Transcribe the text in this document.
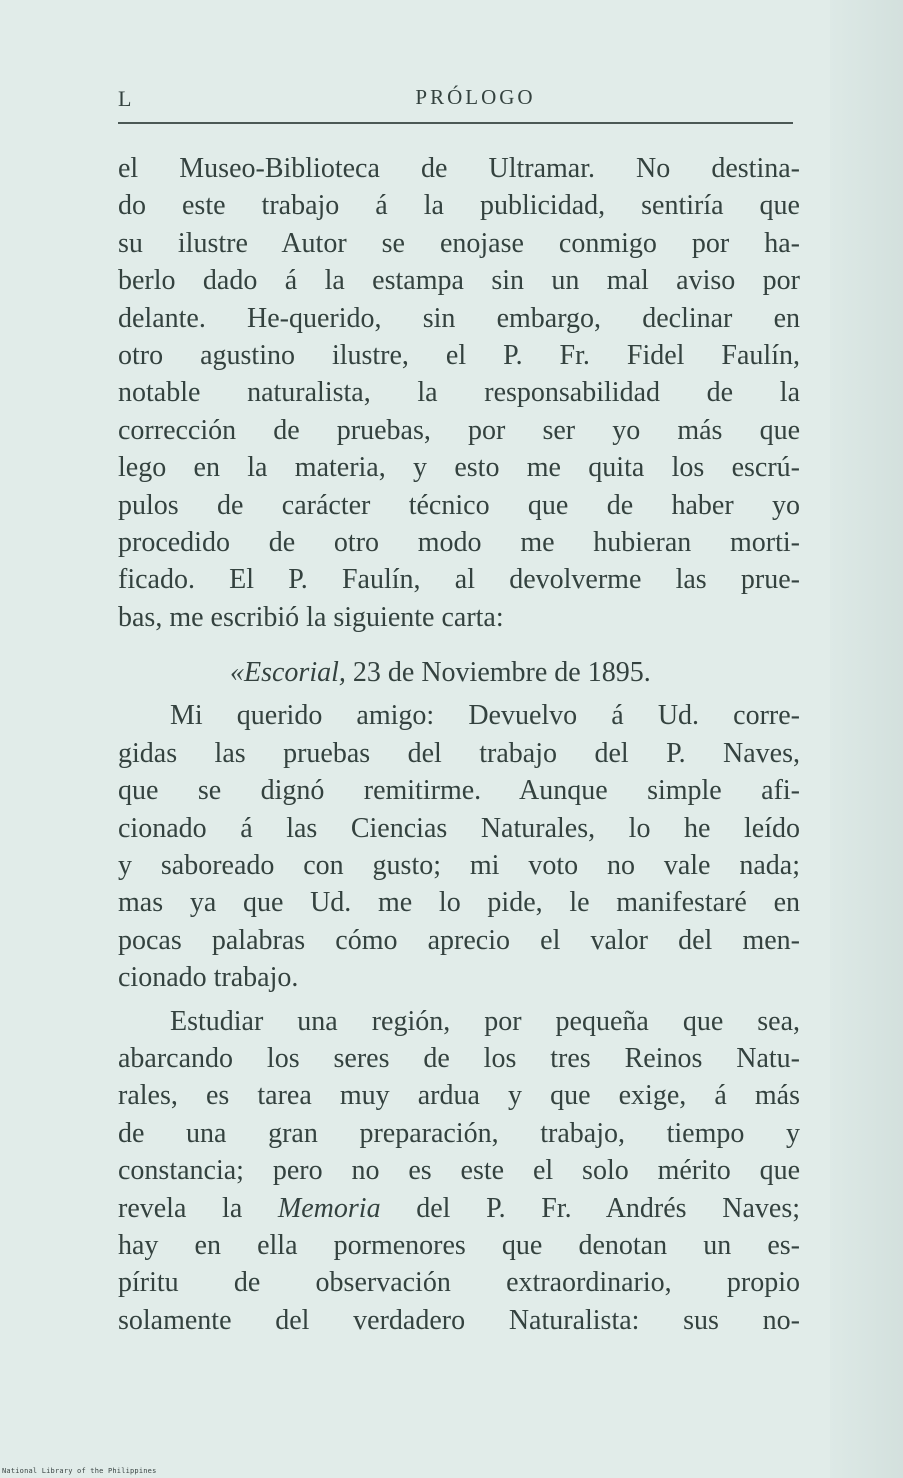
L	PRÓLOGO
el Museo-Biblioteca de Ultramar. No destina-
do este trabajo á la publicidad, sentiría que
su ilustre Autor se enojase conmigo por ha-
berlo dado á la estampa sin un mal aviso por
delante. He-querido, sin embargo, declinar en
otro agustino ilustre, el P. Fr. Fidel Faulín,
notable naturalista, la responsabilidad de la
corrección de pruebas, por ser yo más que
lego en la materia, y esto me quita los escrú-
pulos de carácter técnico que de haber yo
procedido de otro modo me hubieran morti-
ficado. El P. Faulín, al devolverme las prue-
bas, me escribió la siguiente carta:
«Escorial, 23 de Noviembre de 1895.
Mi querido amigo: Devuelvo á Ud. corre-
gidas las pruebas del trabajo del P. Naves,
que se dignó remitirme. Aunque simple afi-
cionado á las Ciencias Naturales, lo he leído
y saboreado con gusto; mi voto no vale nada;
mas ya que Ud. me lo pide, le manifestaré en
pocas palabras cómo aprecio el valor del men-
cionado trabajo.
Estudiar una región, por pequeña que sea,
abarcando los seres de los tres Reinos Natu-
rales, es tarea muy ardua y que exige, á más
de una gran preparación, trabajo, tiempo y
constancia; pero no es este el solo mérito que
revela la Memoria del P. Fr. Andrés Naves;
hay en ella pormenores que denotan un es-
píritu de observación extraordinario, propio
solamente del verdadero Naturalista: sus no-
National Library of the Philippines
